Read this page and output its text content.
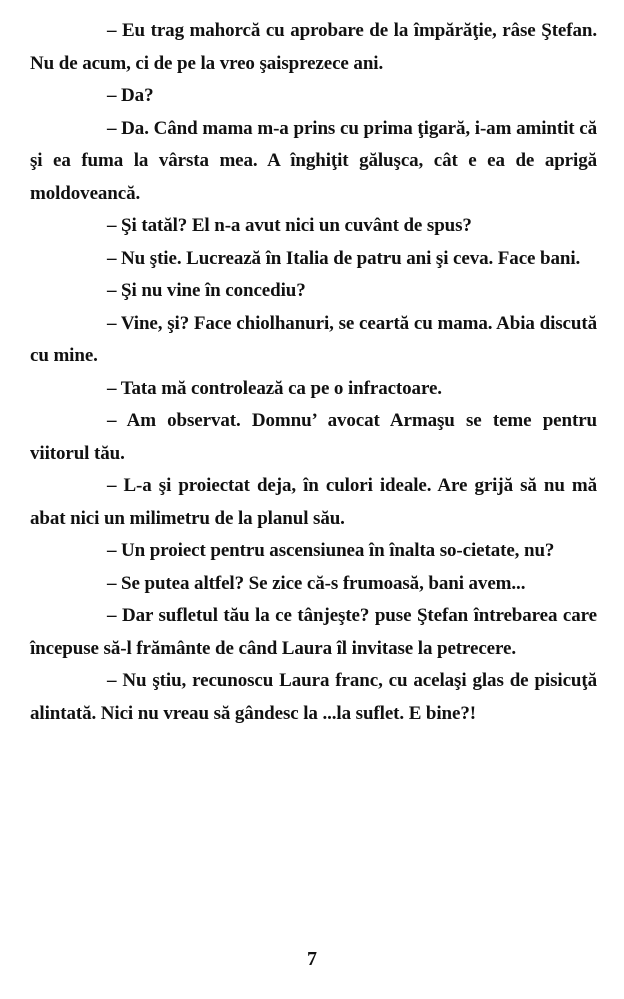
– Eu trag mahorcă cu aprobare de la împărăţie, râse Ştefan. Nu de acum, ci de pe la vreo şaisprezece ani.

– Da?

– Da. Când mama m-a prins cu prima ţigară, i-am amintit că şi ea fuma la vârsta mea. A înghiţit găluşca, cât e ea de aprigă moldoveancă.

– Şi tatăl? El n-a avut nici un cuvânt de spus?

– Nu ştie. Lucrează în Italia de patru ani şi ceva. Face bani.

– Şi nu vine în concediu?

– Vine, şi? Face chiolhanuri, se ceartă cu mama. Abia discută cu mine.

– Tata mă controlează ca pe o infractoare.

– Am observat. Domnu’ avocat Armaşu se teme pentru viitorul tău.

– L-a şi proiectat deja, în culori ideale. Are grijă să nu mă abat nici un milimetru de la planul său.

– Un proiect pentru ascensiunea în înalta so-cietate, nu?

– Se putea altfel? Se zice că-s frumoasă, bani avem...

– Dar sufletul tău la ce tânjeşte? puse Ştefan întrebarea care începuse să-l frământe de când Laura îl invitase la petrecere.

– Nu ştiu, recunoscu Laura franc, cu acelaşi glas de pisicuţă alintată. Nici nu vreau să gândesc la ...la suflet. E bine?!

7
